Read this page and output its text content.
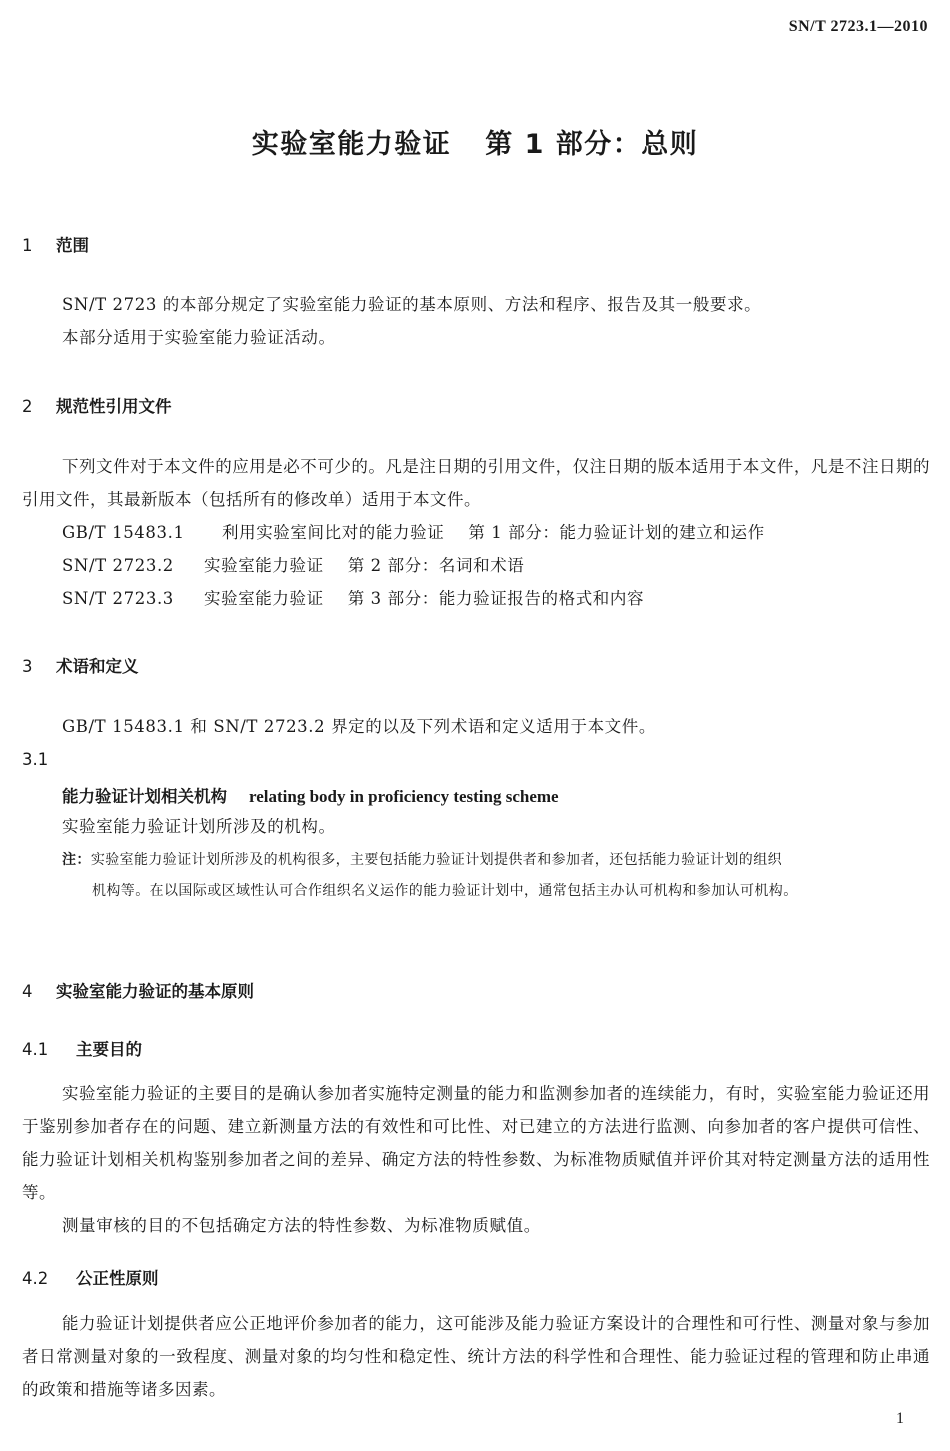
SN/T 2723.1—2010
实验室能力验证 第 1 部分：总则
1 范围
SN/T 2723 的本部分规定了实验室能力验证的基本原则、方法和程序、报告及其一般要求。
本部分适用于实验室能力验证活动。
2 规范性引用文件
下列文件对于本文件的应用是必不可少的。凡是注日期的引用文件，仅注日期的版本适用于本文件，凡是不注日期的引用文件，其最新版本（包括所有的修改单）适用于本文件。
GB/T 15483.1 利用实验室间比对的能力验证 第 1 部分：能力验证计划的建立和运作
SN/T 2723.2 实验室能力验证 第 2 部分：名词和术语
SN/T 2723.3 实验室能力验证 第 3 部分：能力验证报告的格式和内容
3 术语和定义
GB/T 15483.1 和 SN/T 2723.2 界定的以及下列术语和定义适用于本文件。
3.1
能力验证计划相关机构 relating body in proficiency testing scheme
实验室能力验证计划所涉及的机构。
注：实验室能力验证计划所涉及的机构很多，主要包括能力验证计划提供者和参加者，还包括能力验证计划的组织
机构等。在以国际或区域性认可合作组织名义运作的能力验证计划中，通常包括主办认可机构和参加认可机构。
4 实验室能力验证的基本原则
4.1 主要目的
实验室能力验证的主要目的是确认参加者实施特定测量的能力和监测参加者的连续能力，有时，实验室能力验证还用于鉴别参加者存在的问题、建立新测量方法的有效性和可比性、对已建立的方法进行监测、向参加者的客户提供可信性、能力验证计划相关机构鉴别参加者之间的差异、确定方法的特性参数、为标准物质赋值并评价其对特定测量方法的适用性等。
测量审核的目的不包括确定方法的特性参数、为标准物质赋值。
4.2 公正性原则
能力验证计划提供者应公正地评价参加者的能力，这可能涉及能力验证方案设计的合理性和可行性、测量对象与参加者日常测量对象的一致程度、测量对象的均匀性和稳定性、统计方法的科学性和合理性、能力验证过程的管理和防止串通的政策和措施等诸多因素。
1
